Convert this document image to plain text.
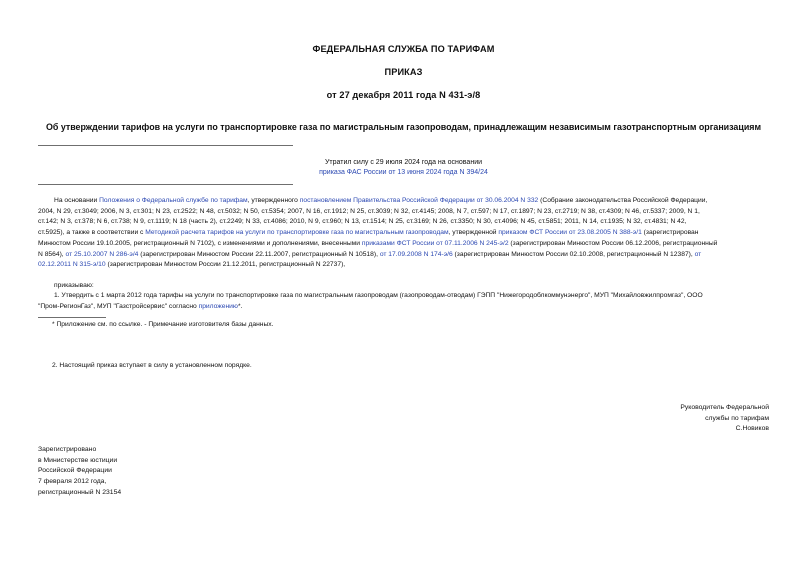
ФЕДЕРАЛЬНАЯ СЛУЖБА ПО ТАРИФАМ
ПРИКАЗ
от 27 декабря 2011 года N 431-э/8
Об утверждении тарифов на услуги по транспортировке газа по магистральным газопроводам, принадлежащим независимым газотранспортным организациям
Утратил силу с 29 июля 2024 года на основании
приказа ФАС России от 13 июня 2024 года N 394/24
На основании Положения о Федеральной службе по тарифам, утвержденного постановлением Правительства Российской Федерации от 30.06.2004 N 332 (Собрание законодательства Российской Федерации,
2004, N 29, ст.3049; 2006, N 3, ст.301; N 23, ст.2522; N 48, ст.5032; N 50, ст.5354; 2007, N 16, ст.1912; N 25, ст.3039; N 32, ст.4145; 2008, N 7, ст.597; N 17, ст.1897; N 23, ст.2719; N 38, ст.4309; N 46, ст.5337; 2009, N 1,
ст.142; N 3, ст.378; N 6, ст.738; N 9, ст.1119; N 18 (часть 2), ст.2249; N 33, ст.4086; 2010, N 9, ст.960; N 13, ст.1514; N 25, ст.3169; N 26, ст.3350; N 30, ст.4096; N 45, ст.5851; 2011, N 14, ст.1935; N 32, ст.4831; N 42,
ст.5925), а также в соответствии с Методикой расчета тарифов на услуги по транспортировке газа по магистральным газопроводам, утвержденной приказом ФСТ России от 23.08.2005 N 388-э/1 (зарегистрирован
Минюстом России 19.10.2005, регистрационный N 7102), с изменениями и дополнениями, внесенными приказами ФСТ России от 07.11.2006 N 245-э/2 (зарегистрирован Минюстом России 06.12.2006, регистрационный
N 8564), от 25.10.2007 N 286-э/4 (зарегистрирован Минюстом России 22.11.2007, регистрационный N 10518), от 17.09.2008 N 174-э/6 (зарегистрирован Минюстом России 02.10.2008, регистрационный N 12387), от
02.12.2011 N 315-э/10 (зарегистрирован Минюстом России 21.12.2011, регистрационный N 22737),
приказываю:
1. Утвердить с 1 марта 2012 года тарифы на услуги по транспортировке газа по магистральным газопроводам (газопроводам-отводам) ГЭПП "Нижегородоблкоммунэнерго", МУП "Михайловжилпромгаз", ООО
"Пром-РегионГаз", МУП "Газстройсервис" согласно приложению*.
* Приложение см. по ссылке. - Примечание изготовителя базы данных.
2. Настоящий приказ вступает в силу в установленном порядке.
Руководитель Федеральной
службы по тарифам
С.Новиков
Зарегистрировано
в Министерстве юстиции
Российской Федерации
7 февраля 2012 года,
регистрационный N 23154
